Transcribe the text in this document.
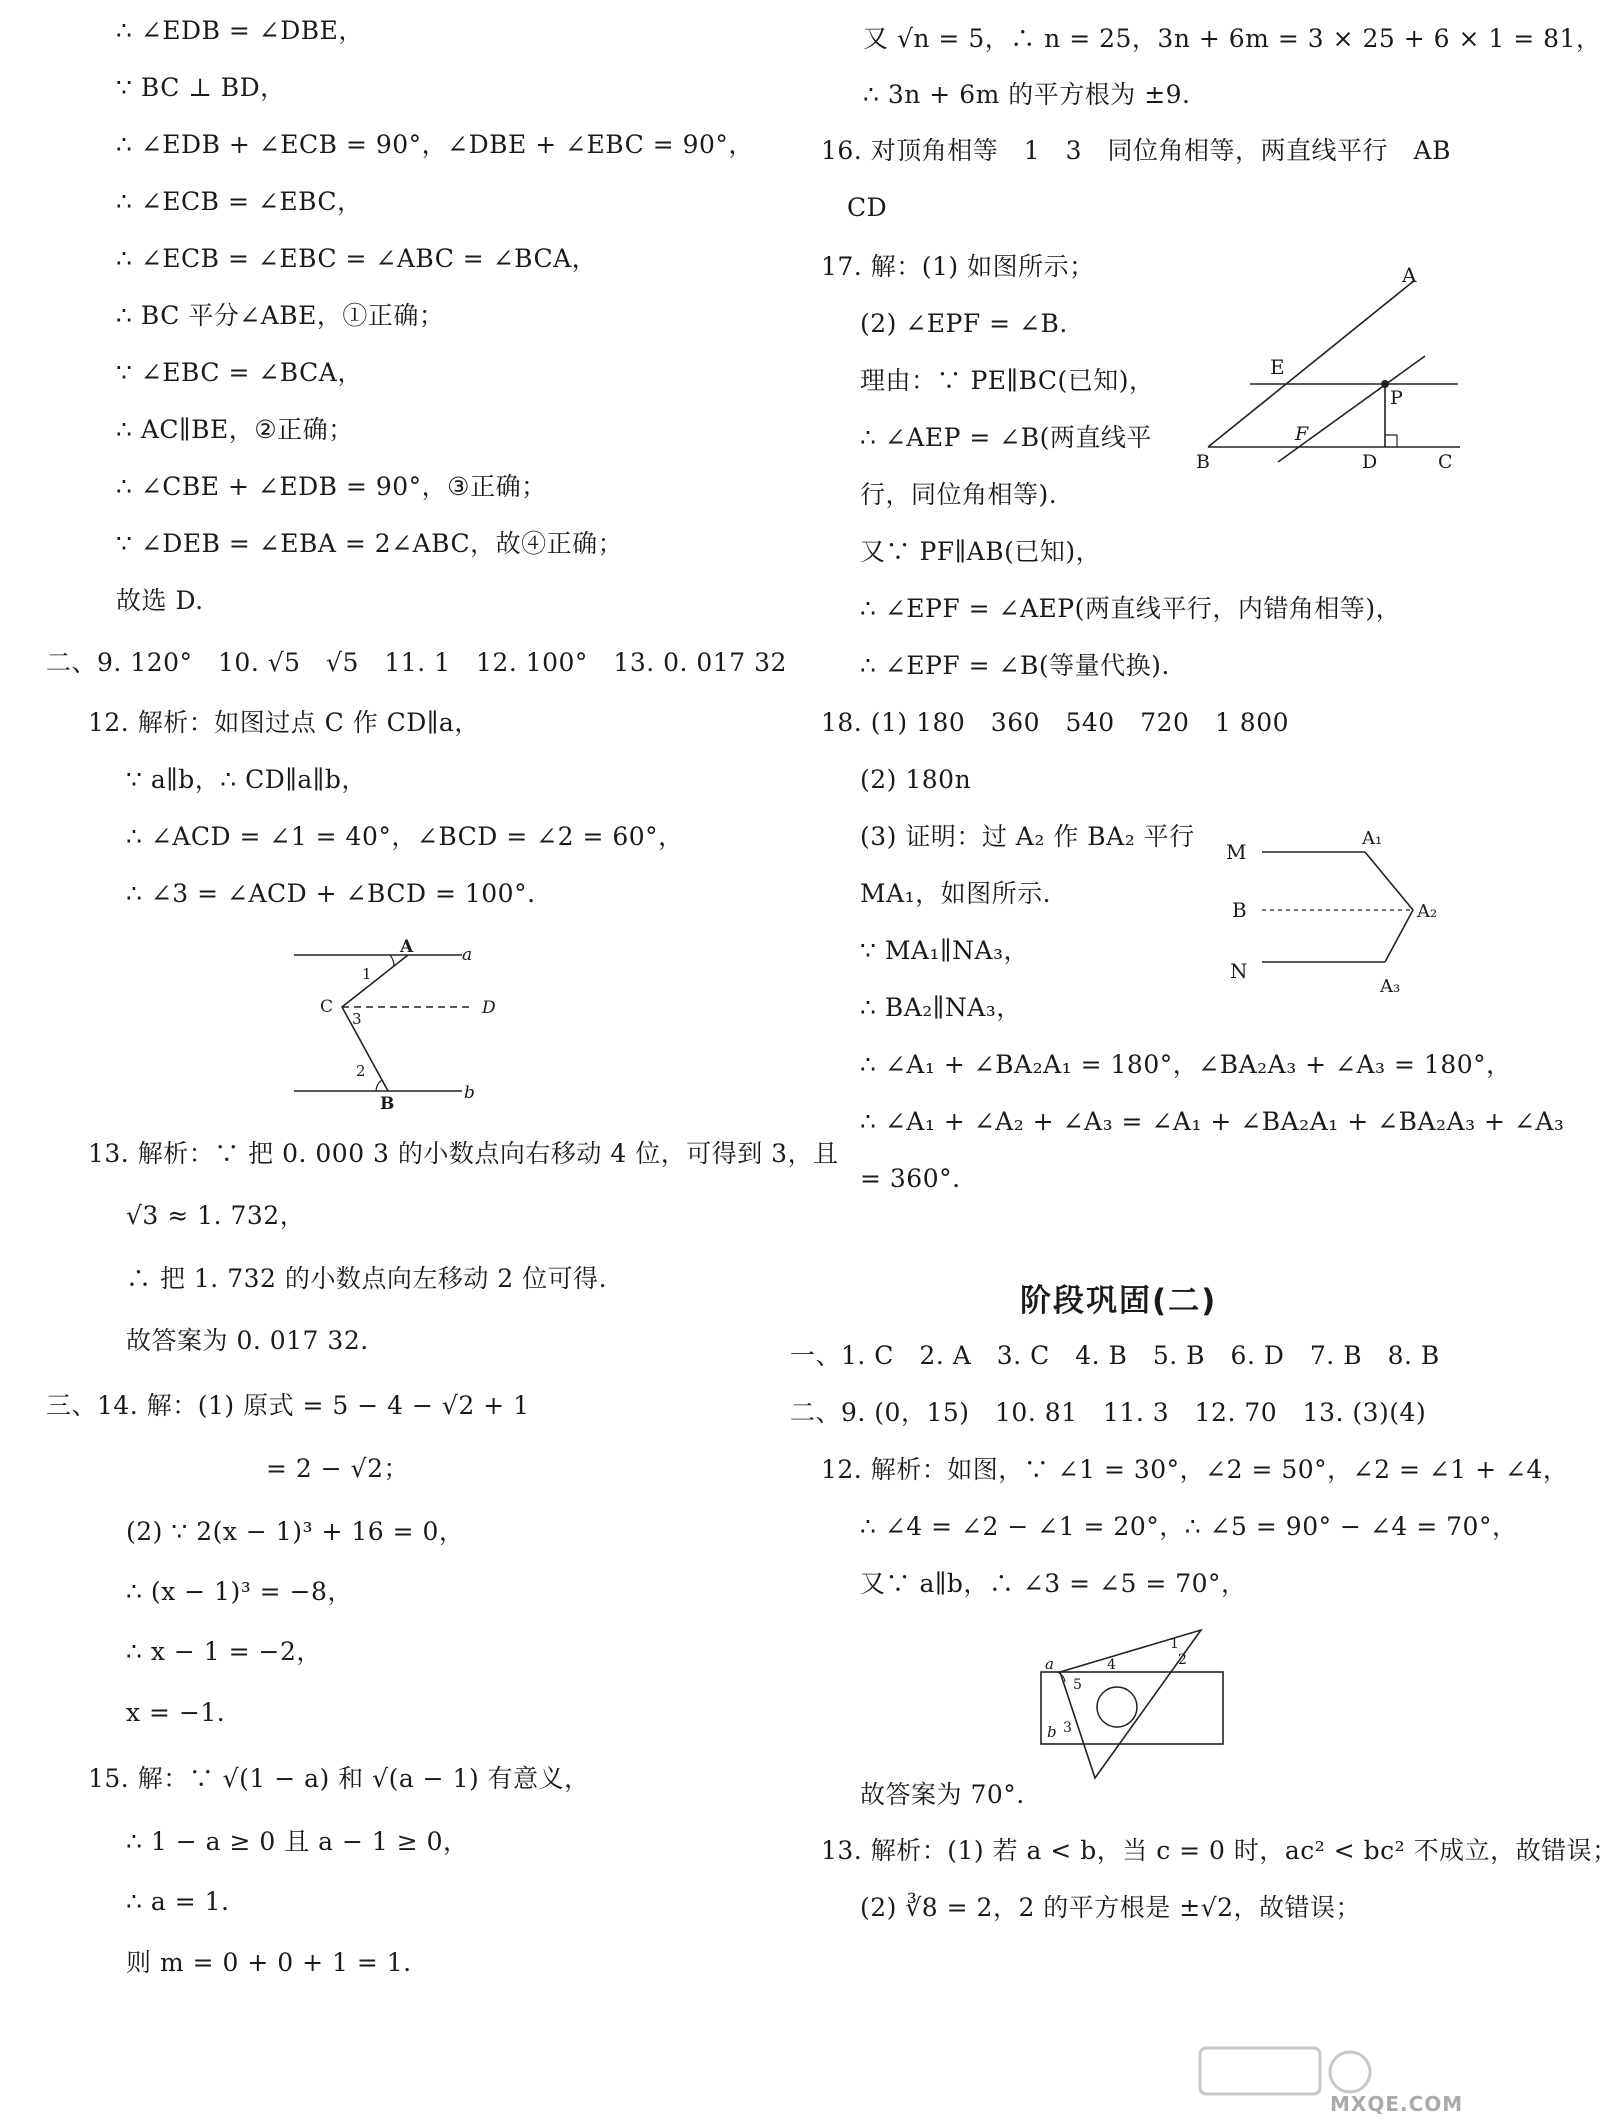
∴ ∠EDB = ∠DBE，
∵ BC ⊥ BD，
∴ ∠EDB + ∠ECB = 90°，∠DBE + ∠EBC = 90°，
∴ ∠ECB = ∠EBC，
∴ ∠ECB = ∠EBC = ∠ABC = ∠BCA，
∴ BC 平分∠ABE，①正确；
∵ ∠EBC = ∠BCA，
∴ AC∥BE，②正确；
∴ ∠CBE + ∠EDB = 90°，③正确；
∵ ∠DEB = ∠EBA = 2∠ABC，故④正确；
故选 D.
二、9. 120°　10. √5　√5　11. 1　12. 100°　13. 0. 017 32
12. 解析：如图过点 C 作 CD∥a，
∵ a∥b，∴ CD∥a∥b，
∴ ∠ACD = ∠1 = 40°，∠BCD = ∠2 = 60°，
∴ ∠3 = ∠ACD + ∠BCD = 100°.
13. 解析：∵ 把 0. 000 3 的小数点向右移动 4 位，可得到 3，且
√3 ≈ 1. 732，
∴ 把 1. 732 的小数点向左移动 2 位可得.
故答案为 0. 017 32.
三、14. 解：(1) 原式 = 5 − 4 − √2 + 1
= 2 − √2；
(2) ∵ 2(x − 1)³ + 16 = 0，
∴ (x − 1)³ = −8，
∴ x − 1 = −2，
x = −1.
15. 解：∵ √(1 − a) 和 √(a − 1) 有意义，
∴ 1 − a ≥ 0 且 a − 1 ≥ 0，
∴ a = 1.
则 m = 0 + 0 + 1 = 1.
又 √n = 5，∴ n = 25，3n + 6m = 3 × 25 + 6 × 1 = 81，
∴ 3n + 6m 的平方根为 ±9.
16. 对顶角相等　1　3　同位角相等，两直线平行　AB
CD
17. 解：(1) 如图所示；
(2) ∠EPF = ∠B.
理由：∵ PE∥BC(已知)，
∴ ∠AEP = ∠B(两直线平
行，同位角相等).
又∵ PF∥AB(已知)，
∴ ∠EPF = ∠AEP(两直线平行，内错角相等)，
∴ ∠EPF = ∠B(等量代换).
18. (1) 180　360　540　720　1 800
(2) 180n
(3) 证明：过 A₂ 作 BA₂ 平行
MA₁，如图所示.
∵ MA₁∥NA₃，
∴ BA₂∥NA₃，
∴ ∠A₁ + ∠BA₂A₁ = 180°，∠BA₂A₃ + ∠A₃ = 180°，
∴ ∠A₁ + ∠A₂ + ∠A₃ = ∠A₁ + ∠BA₂A₁ + ∠BA₂A₃ + ∠A₃
= 360°.
一、1. C　2. A　3. C　4. B　5. B　6. D　7. B　8. B
二、9. (0，15)　10. 81　11. 3　12. 70　13. (3)(4)
12. 解析：如图，∵ ∠1 = 30°，∠2 = 50°，∠2 = ∠1 + ∠4，
∴ ∠4 = ∠2 − ∠1 = 20°，∴ ∠5 = 90° − ∠4 = 70°，
又∵ a∥b，∴ ∠3 = ∠5 = 70°，
故答案为 70°.
13. 解析：(1) 若 a < b，当 c = 0 时，ac² < bc² 不成立，故错误；
(2) ∛8 = 2，2 的平方根是 ±√2，故错误；
A	a
1
C
3
D
2
B
b
A
E
P
F
B	D	C
M
A₁
B	A₂
N
A₃
a	4
5
1
2
b 3
阶段巩固(二)
MXQE.COM
